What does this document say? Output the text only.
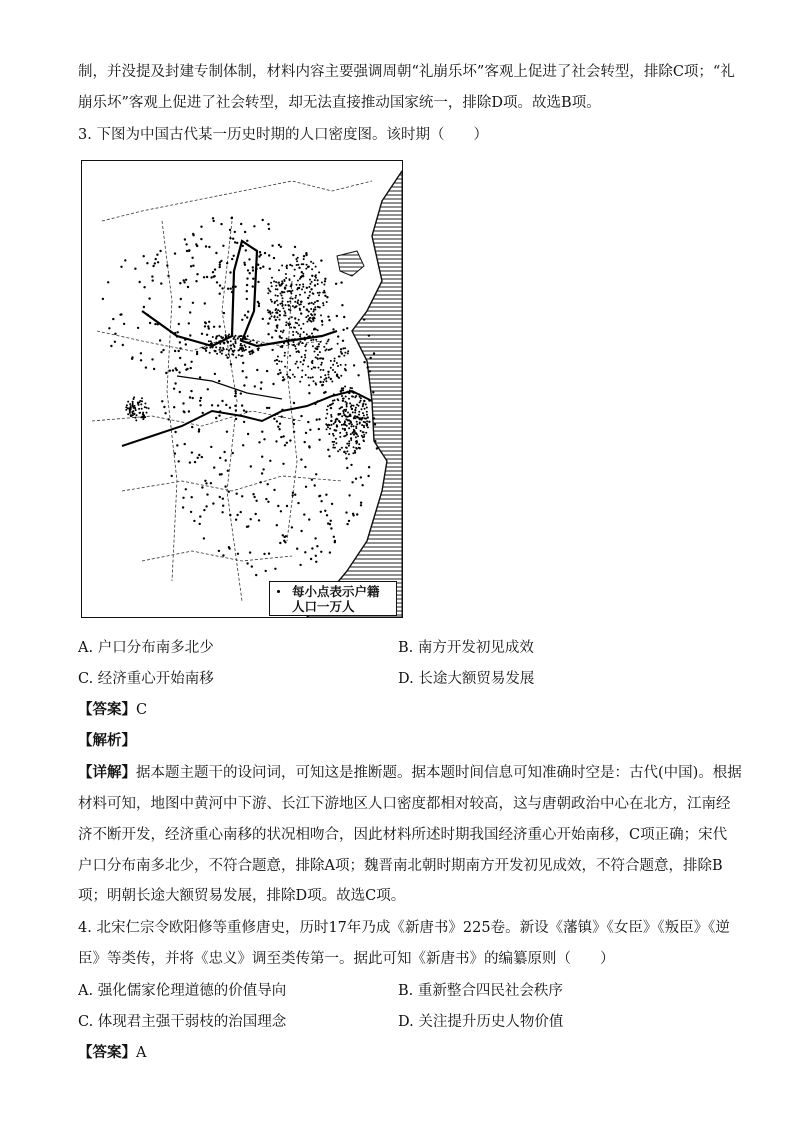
制，并没提及封建专制体制，材料内容主要强调周朝“礼崩乐坏”客观上促进了社会转型，排除C项；“礼
崩乐坏”客观上促进了社会转型，却无法直接推动国家统一，排除D项。故选B项。
3. 下图为中国古代某一历史时期的人口密度图。该时期（　　）
每小点表示户籍
人口一万人
A. 户口分布南多北少	B. 南方开发初见成效
C. 经济重心开始南移	D. 长途大额贸易发展
【答案】C
【解析】
【详解】据本题主题干的设问词，可知这是推断题。据本题时间信息可知准确时空是：古代(中国)。根据
材料可知，地图中黄河中下游、长江下游地区人口密度都相对较高，这与唐朝政治中心在北方，江南经
济不断开发，经济重心南移的状况相吻合，因此材料所述时期我国经济重心开始南移，C项正确；宋代
户口分布南多北少，不符合题意，排除A项；魏晋南北朝时期南方开发初见成效，不符合题意，排除B
项；明朝长途大额贸易发展，排除D项。故选C项。
4. 北宋仁宗令欧阳修等重修唐史，历时17年乃成《新唐书》225卷。新设《藩镇》《女臣》《叛臣》《逆
臣》等类传，并将《忠义》调至类传第一。据此可知《新唐书》的编纂原则（　　）
A. 强化儒家伦理道德的价值导向	B. 重新整合四民社会秩序
C. 体现君主强干弱枝的治国理念	D. 关注提升历史人物价值
【答案】A
